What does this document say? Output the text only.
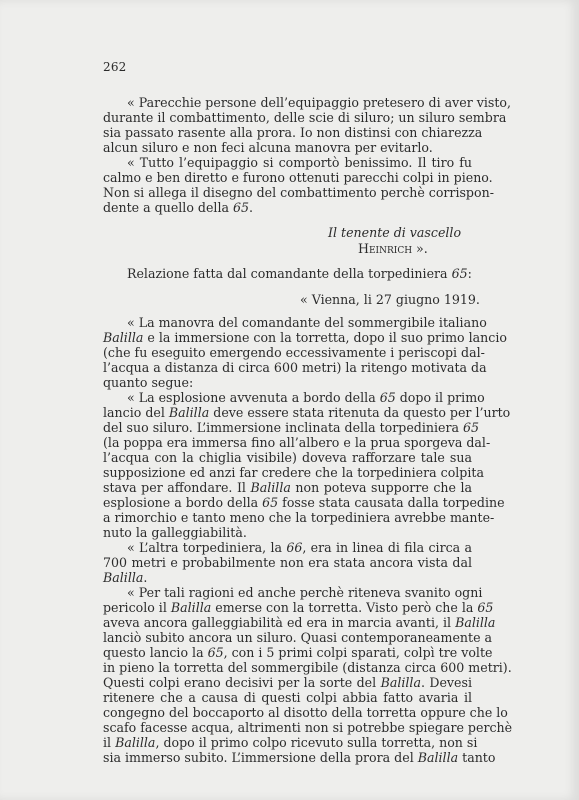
262
« Parecchie persone dell’equipaggio pretesero di aver visto,
durante il combattimento, delle scie di siluro; un siluro sembra
sia passato rasente alla prora. Io non distinsi con chiarezza
alcun siluro e non feci alcuna manovra per evitarlo.
« Tutto l’equipaggio si comportò benissimo. Il tiro fu
calmo e ben diretto e furono ottenuti parecchi colpi in pieno.
Non si allega il disegno del combattimento perchè corrispon-
dente a quello della 65.
Il tenente di vascello
Heinrich ».
Relazione fatta dal comandante della torpediniera 65:
« Vienna, li 27 giugno 1919.
« La manovra del comandante del sommergibile italiano
Balilla e la immersione con la torretta, dopo il suo primo lancio
(che fu eseguito emergendo eccessivamente i periscopi dal-
l’acqua a distanza di circa 600 metri) la ritengo motivata da
quanto segue:
« La esplosione avvenuta a bordo della 65 dopo il primo
lancio del Balilla deve essere stata ritenuta da questo per l’urto
del suo siluro. L’immersione inclinata della torpediniera 65
(la poppa era immersa fino all’albero e la prua sporgeva dal-
l’acqua con la chiglia visibile) doveva rafforzare tale sua
supposizione ed anzi far credere che la torpediniera colpita
stava per affondare. Il Balilla non poteva supporre che la
esplosione a bordo della 65 fosse stata causata dalla torpedine
a rimorchio e tanto meno che la torpediniera avrebbe mante-
nuto la galleggiabilità.
« L’altra torpediniera, la 66, era in linea di fila circa a
700 metri e probabilmente non era stata ancora vista dal
Balilla.
« Per tali ragioni ed anche perchè riteneva svanito ogni
pericolo il Balilla emerse con la torretta. Visto però che la 65
aveva ancora galleggiabilità ed era in marcia avanti, il Balilla
lanciò subito ancora un siluro. Quasi contemporaneamente a
questo lancio la 65, con i 5 primi colpi sparati, colpì tre volte
in pieno la torretta del sommergibile (distanza circa 600 metri).
Questi colpi erano decisivi per la sorte del Balilla. Devesi
ritenere che a causa di questi colpi abbia fatto avaria il
congegno del boccaporto al disotto della torretta oppure che lo
scafo facesse acqua, altrimenti non si potrebbe spiegare perchè
il Balilla, dopo il primo colpo ricevuto sulla torretta, non si
sia immerso subito. L’immersione della prora del Balilla tanto
